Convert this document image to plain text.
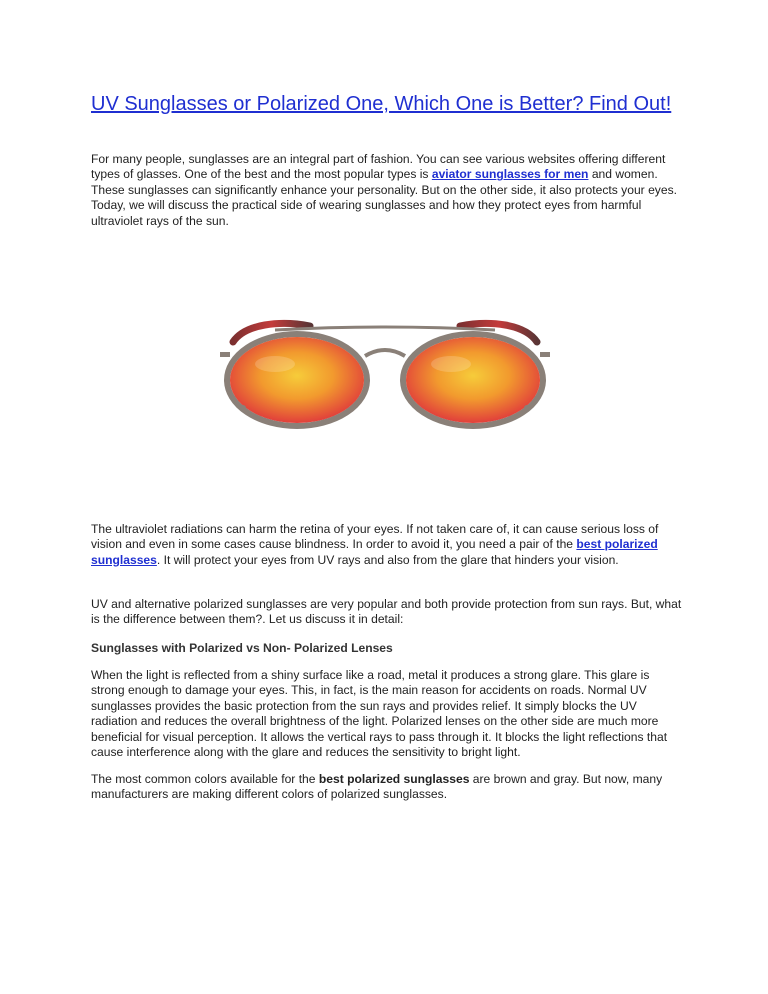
UV Sunglasses or Polarized One, Which One is Better? Find Out!

For many people, sunglasses are an integral part of fashion. You can see various websites offering different types of glasses. One of the best and the most popular types is aviator sunglasses for men and women. These sunglasses can significantly enhance your personality. But on the other side, it also protects your eyes. Today, we will discuss the practical side of wearing sunglasses and how they protect eyes from harmful ultraviolet rays of the sun.

The ultraviolet radiations can harm the retina of your eyes. If not taken care of, it can cause serious loss of vision and even in some cases cause blindness. In order to avoid it, you need a pair of the best polarized sunglasses. It will protect your eyes from UV rays and also from the glare that hinders your vision.

UV and alternative polarized sunglasses are very popular and both provide protection from sun rays. But, what is the difference between them?. Let us discuss it in detail:

Sunglasses with Polarized vs Non- Polarized Lenses

When the light is reflected from a shiny surface like a road, metal it produces a strong glare. This glare is strong enough to damage your eyes. This, in fact, is the main reason for accidents on roads. Normal UV sunglasses provides the basic protection from the sun rays and provides relief. It simply blocks the UV radiation and reduces the overall brightness of the light. Polarized lenses on the other side are much more beneficial for visual perception. It allows the vertical rays to pass through it. It blocks the light reflections that cause interference along with the glare and reduces the sensitivity to bright light.

The most common colors available for the best polarized sunglasses are brown and gray. But now, many manufacturers are making different colors of polarized sunglasses.
